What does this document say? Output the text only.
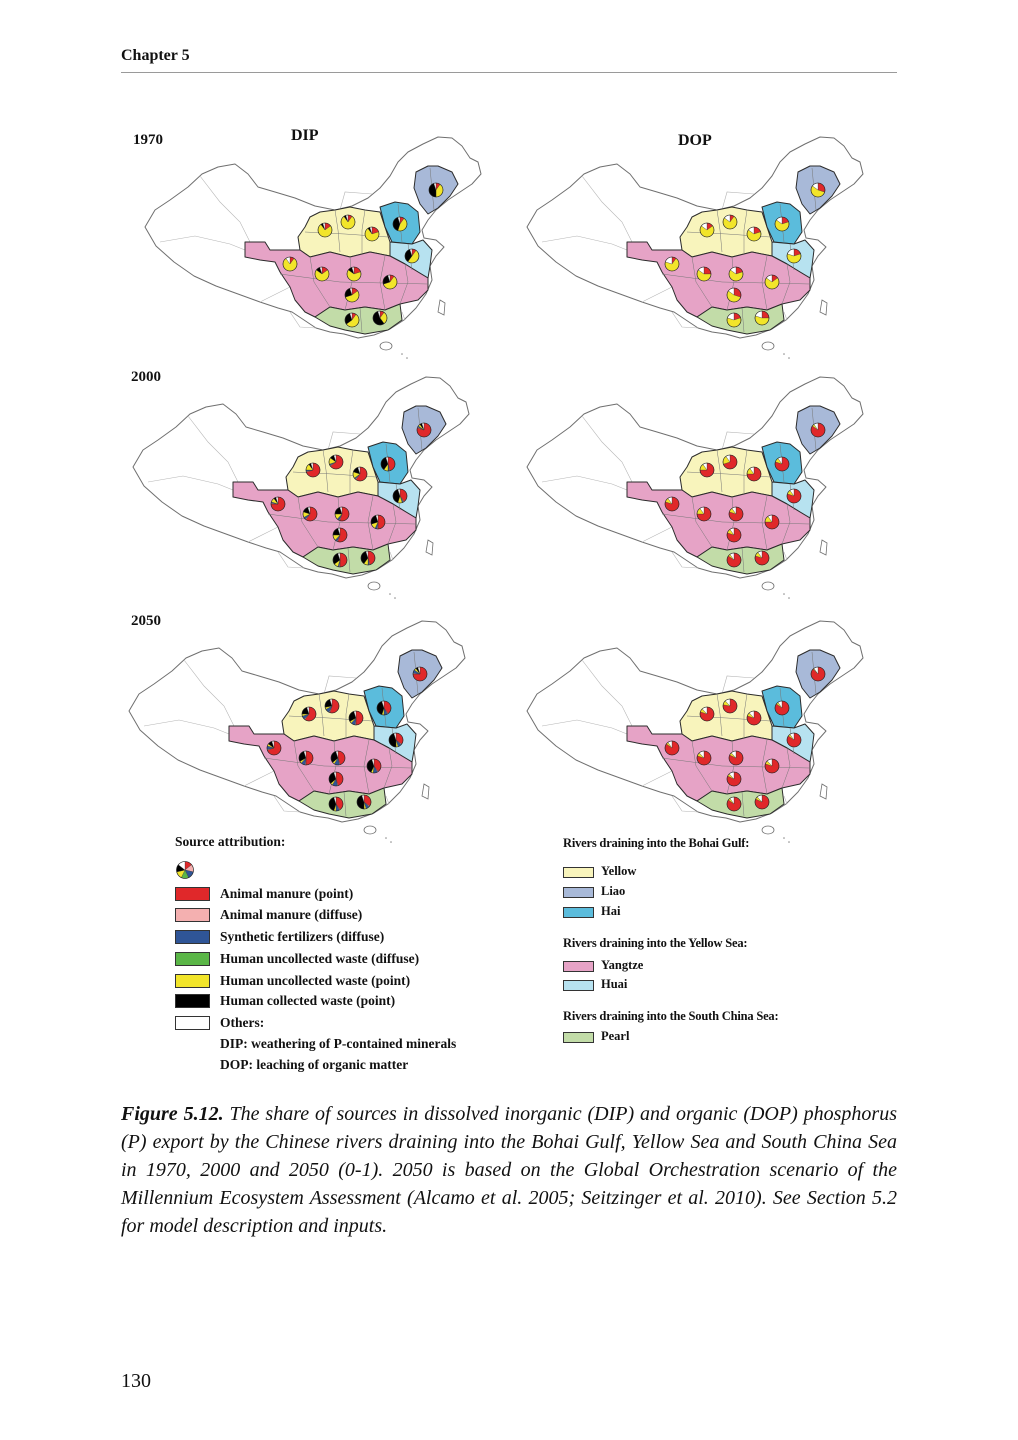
Chapter 5
1970
2000
2050
DIP	DOP
Source attribution:
Animal manure (point)
Animal manure (diffuse)
Synthetic fertilizers (diffuse)
Human uncollected waste (diffuse)
Human uncollected waste (point)
Human collected waste (point)
Others:
DIP: weathering of P-contained minerals
DOP: leaching of organic matter
Rivers draining into the Bohai Gulf:
Yellow
Liao
Hai
Rivers draining into the Yellow Sea:
Yangtze
Huai
Rivers draining into the South China Sea:
Pearl

Figure 5.12. The share of sources in dissolved inorganic (DIP) and organic (DOP) phosphorus (P) export by the Chinese rivers draining into the Bohai Gulf, Yellow Sea and South China Sea in 1970, 2000 and 2050 (0-1). 2050 is based on the Global Orchestration scenario of the Millennium Ecosystem Assessment (Alcamo et al. 2005; Seitzinger et al. 2010). See Section 5.2 for model description and inputs.

130
